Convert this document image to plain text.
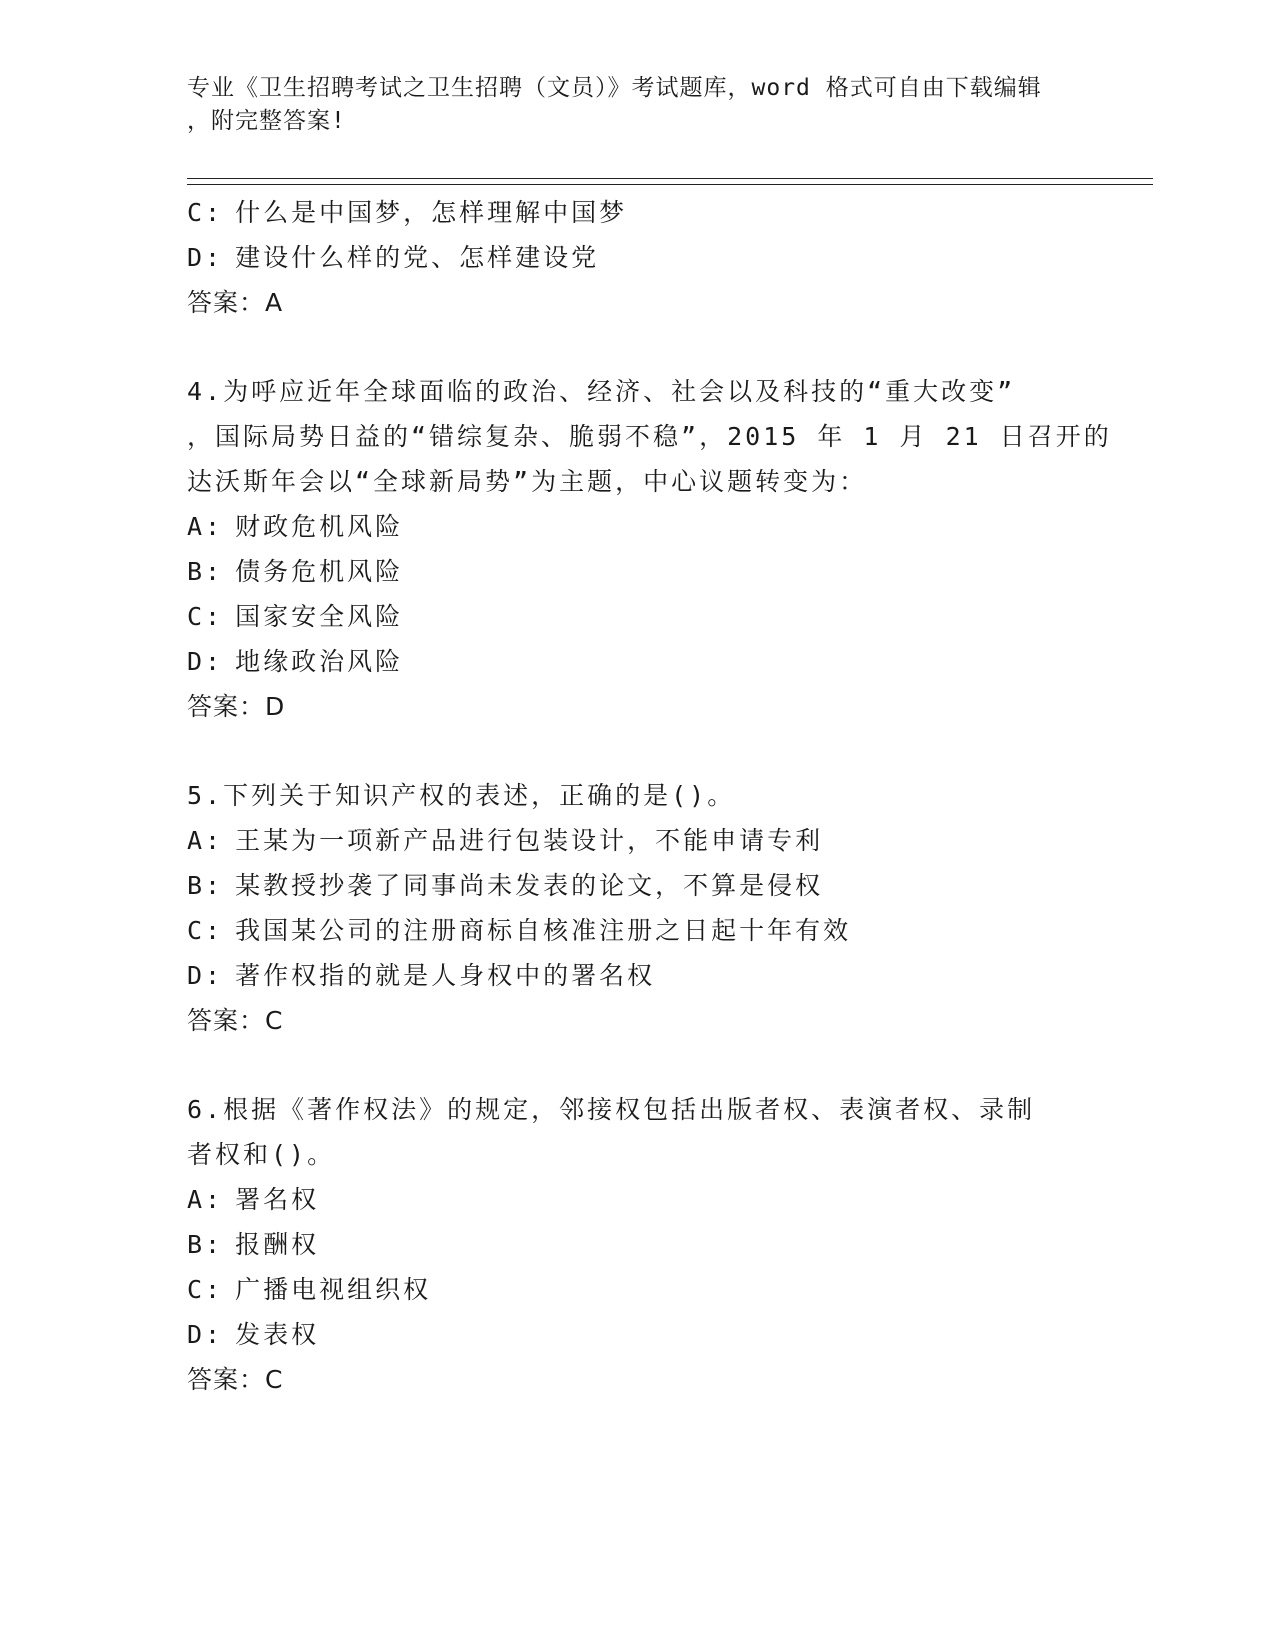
专业《卫生招聘考试之卫生招聘（文员）》考试题库，word 格式可自由下载编辑
，附完整答案!
C: 什么是中国梦，怎样理解中国梦
D: 建设什么样的党、怎样建设党
答案：A
4.为呼应近年全球面临的政治、经济、社会以及科技的“重大改变”
，国际局势日益的“错综复杂、脆弱不稳”，2015 年 1 月 21 日召开的
达沃斯年会以“全球新局势”为主题，中心议题转变为：
A: 财政危机风险
B: 债务危机风险
C: 国家安全风险
D: 地缘政治风险
答案：D
5.下列关于知识产权的表述，正确的是()。
A: 王某为一项新产品进行包装设计，不能申请专利
B: 某教授抄袭了同事尚未发表的论文，不算是侵权
C: 我国某公司的注册商标自核准注册之日起十年有效
D: 著作权指的就是人身权中的署名权
答案：C
6.根据《著作权法》的规定，邻接权包括出版者权、表演者权、录制
者权和()。
A: 署名权
B: 报酬权
C: 广播电视组织权
D: 发表权
答案：C
